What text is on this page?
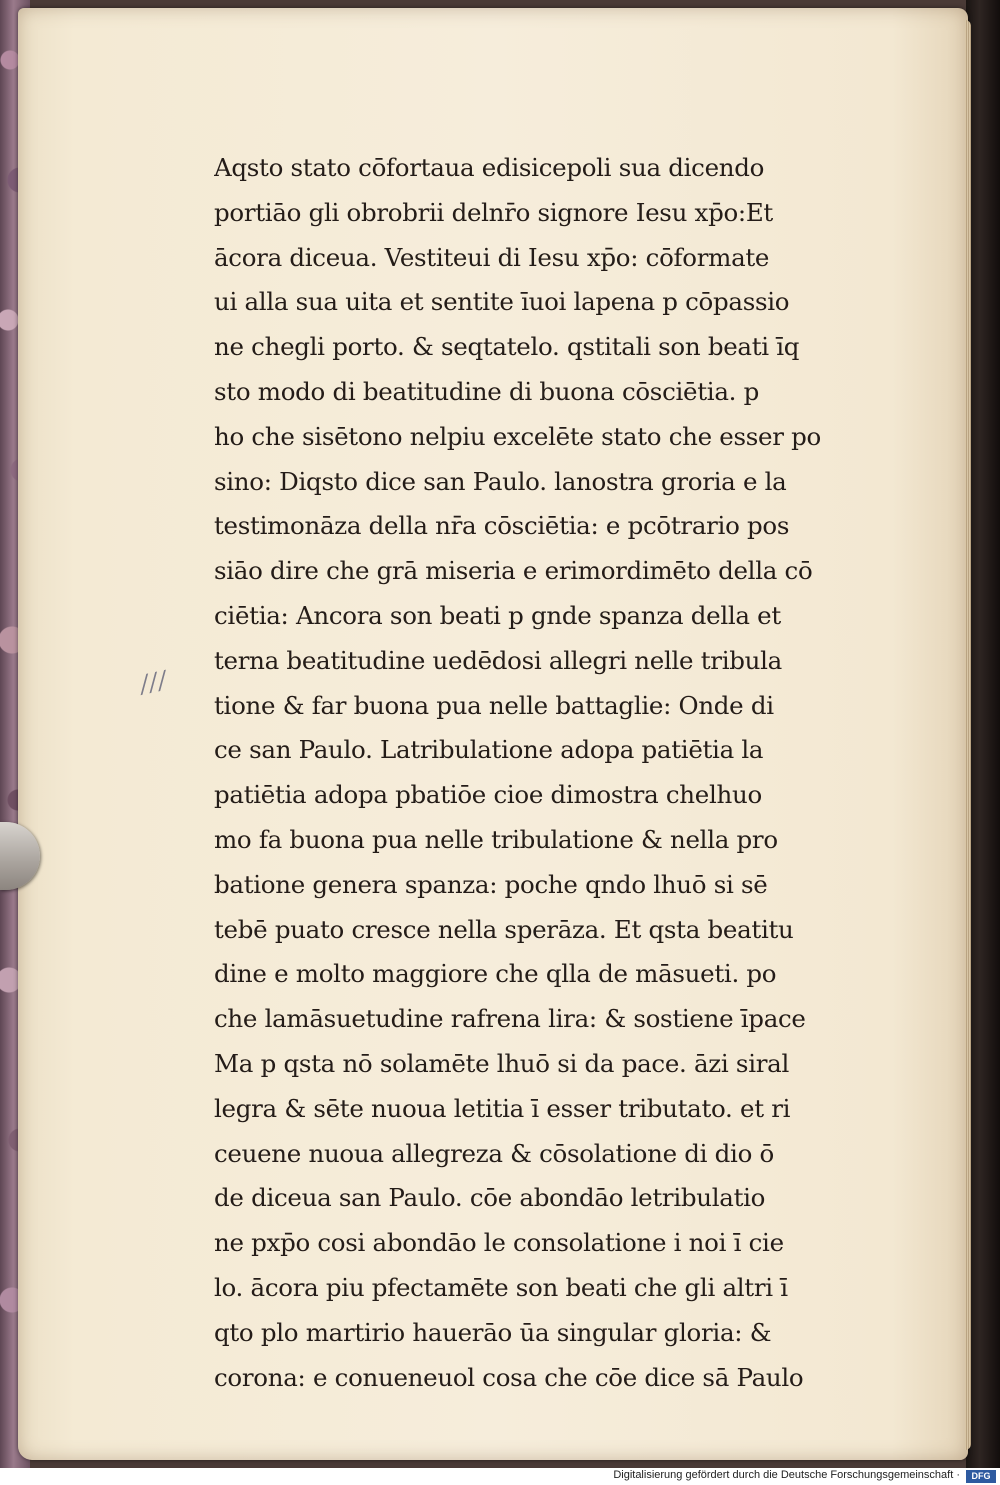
Aqsto stato cōfortaua edisicepoli sua dicendo
portiāo gli obrobrii delnr̄o signore Iesu xp̄o:Et
ācora diceua. Vestiteui di Iesu xp̄o: cōformate
ui alla sua uita et sentite īuoi lapena p cōpassio
ne chegli porto. & seqtatelo. qstitali son beati īq
sto modo di beatitudine di buona cōsciētia. p
ho che sisētono nelpiu excelēte stato che esser po
sino: Diqsto dice san Paulo. lanostra groria e la
testimonāza della nr̄a cōsciētia: e pcōtrario pos
siāo dire che grā miseria e erimordimēto della cō
ciētia: Ancora son beati p gnde spanza della et
terna beatitudine uedēdosi allegri nelle tribula
tione & far buona pua nelle battaglie: Onde di
ce san Paulo. Latribulatione adopa patiētia la
patiētia adopa pbatiōe cioe dimostra chelhuo
mo fa buona pua nelle tribulatione & nella pro
batione genera spanza: poche qndo lhuō si sē
tebē puato cresce nella sperāza. Et qsta beatitu
dine e molto maggiore che qlla de māsueti. po
che lamāsuetudine rafrena lira: & sostiene īpace
Ma p qsta nō solamēte lhuō si da pace. āzi siral
legra & sēte nuoua letitia ī esser tributato. et ri
ceuene nuoua allegreza & cōsolatione di dio ō
de diceua san Paulo. cōe abondāo letribulatio
ne pxp̄o cosi abondāo le consolatione i noi ī cie
lo. ācora piu pfectamēte son beati che gli altri ī
qto plo martirio hauerāo ūa singular gloria: &
corona: e conueneuol cosa che cōe dice sā Paulo
///
Digitalisierung gefördert durch die Deutsche Forschungsgemeinschaft ·	DFG
